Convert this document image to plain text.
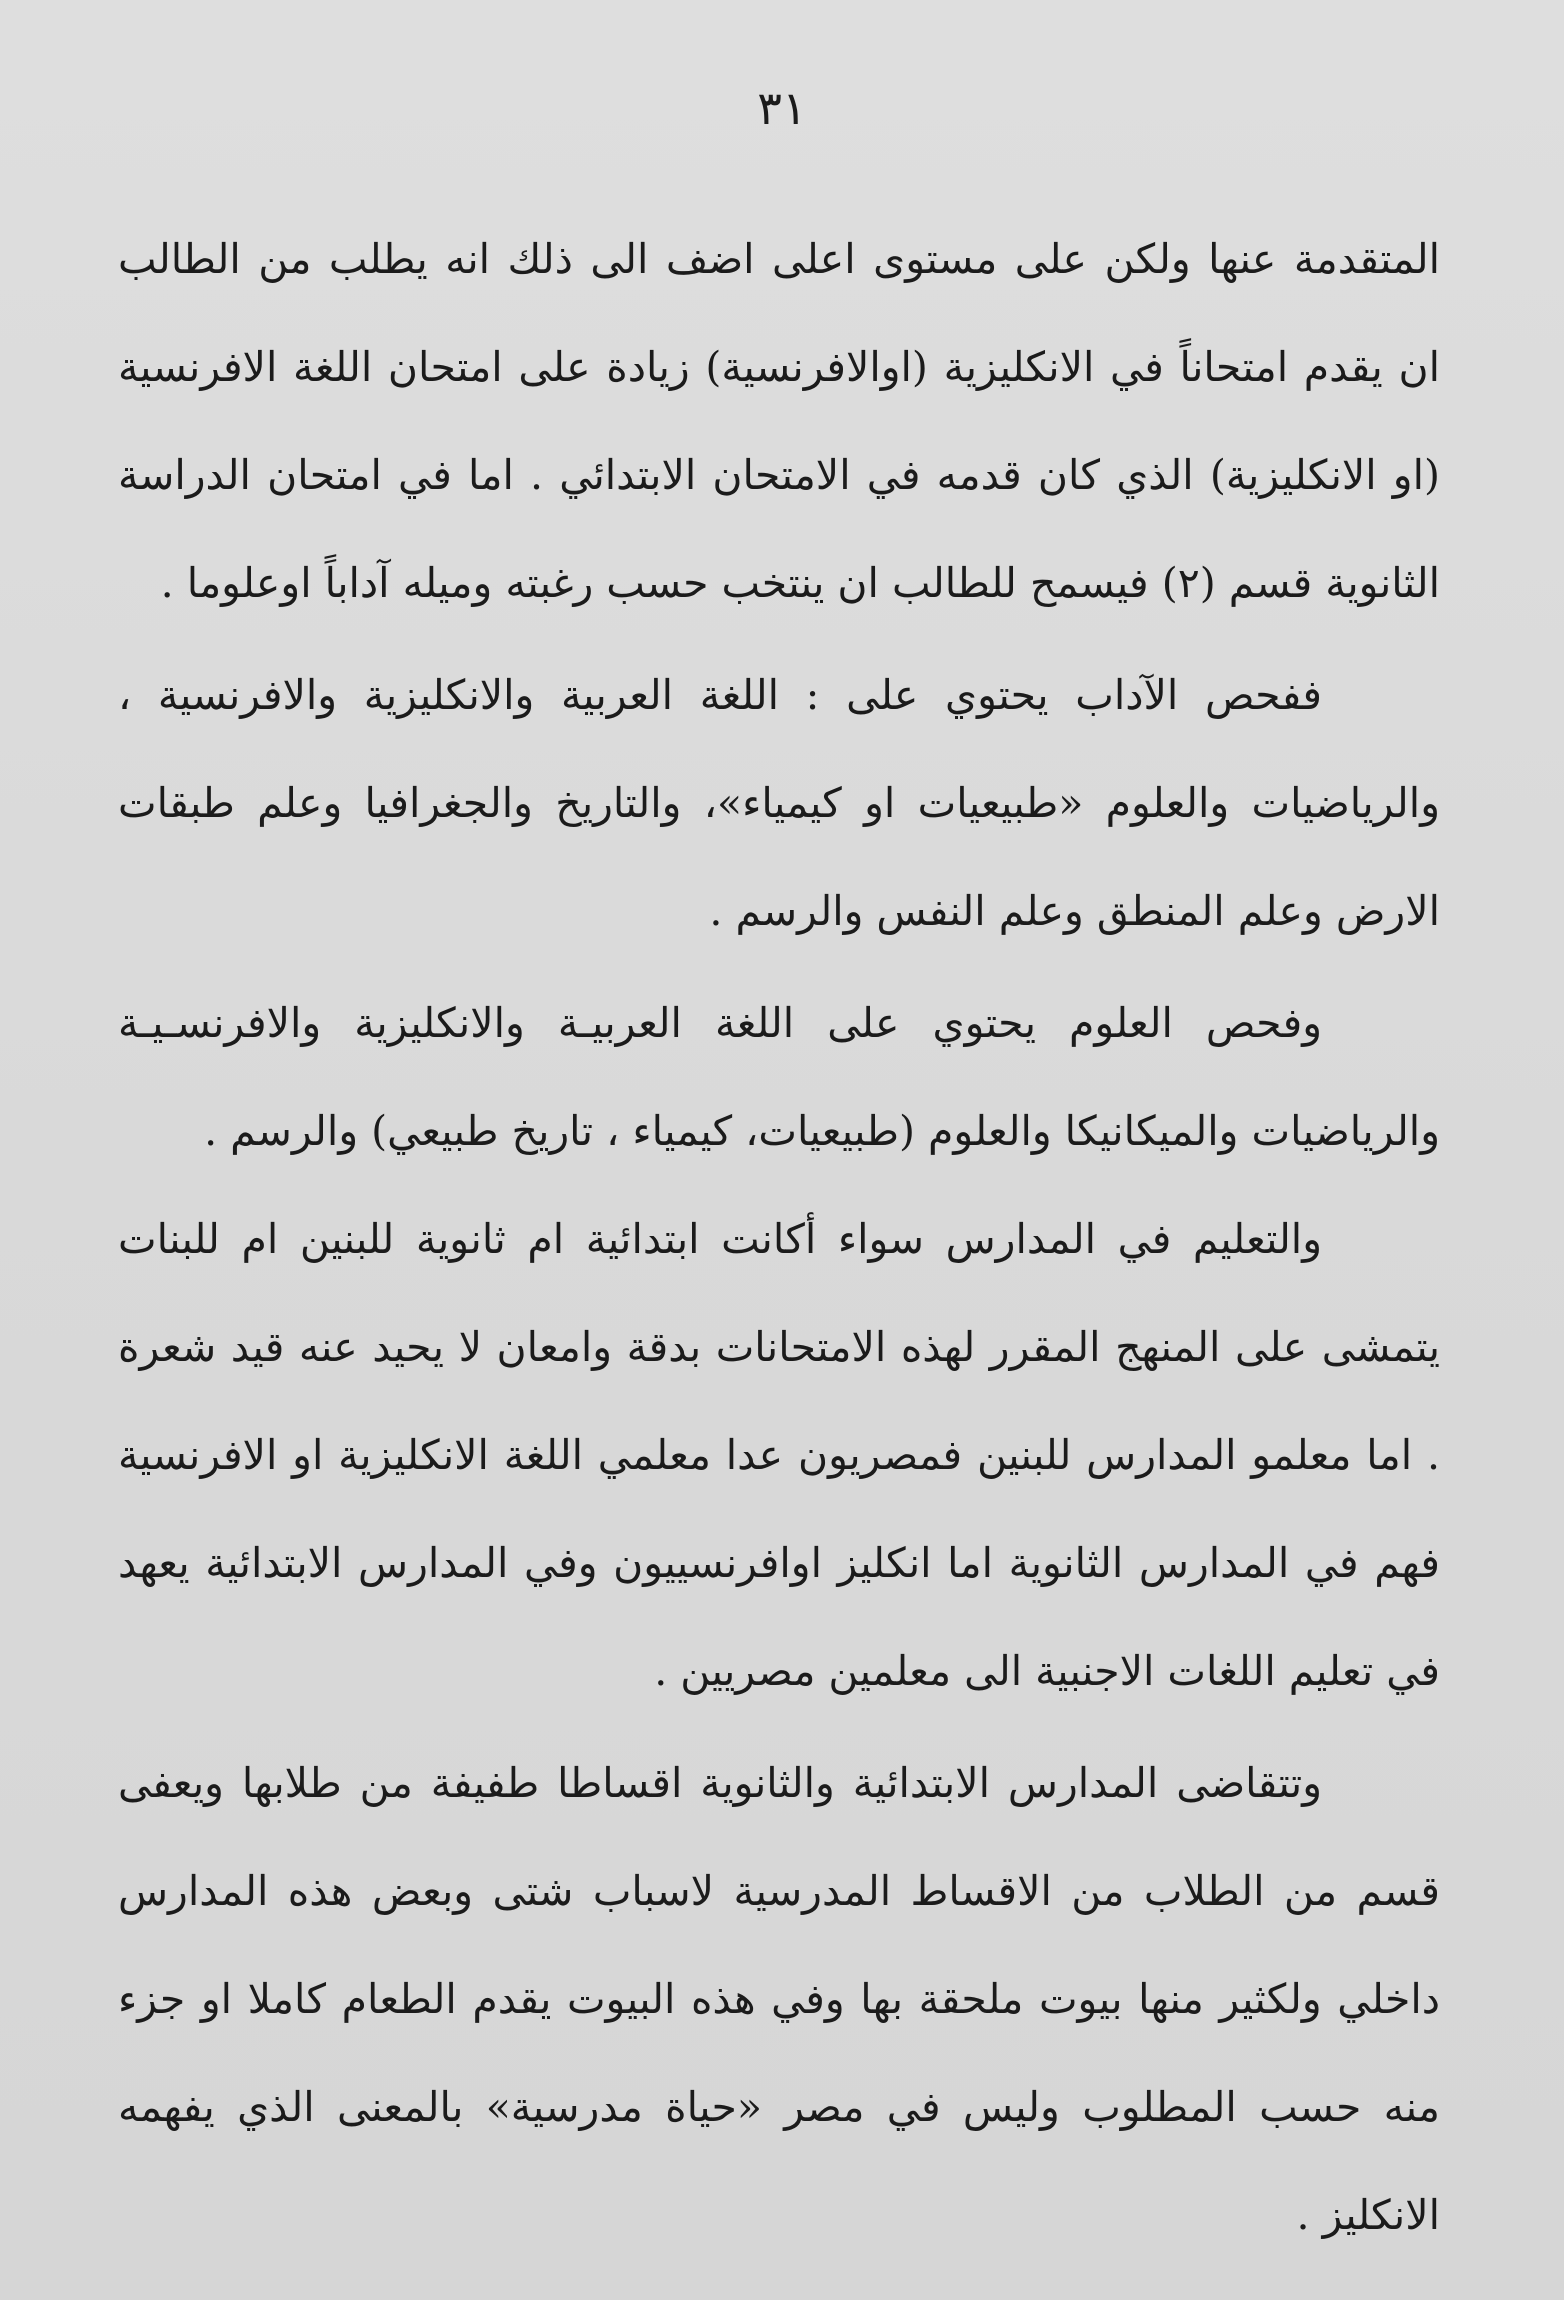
٣١

المتقدمة عنها ولكن على مستوى اعلى اضف الى ذلك انه يطلب من الطالب ان يقدم امتحاناً في الانكليزية (اوالافرنسية) زيادة على امتحان اللغة الافرنسية (او الانكليزية) الذي كان قدمه في الامتحان الابتدائي . اما في امتحان الدراسة الثانوية قسم (٢) فيسمح للطالب ان ينتخب حسب رغبته وميله آداباً اوعلوما .

ففحص الآداب يحتوي على : اللغة العربية والانكليزية والافرنسية ، والرياضيات والعلوم «طبيعيات او كيمياء»، والتاريخ والجغرافيا وعلم طبقات الارض وعلم المنطق وعلم النفس والرسم .

وفحص العلوم يحتوي على اللغة العربيـة والانكليزية والافرنسـيـة والرياضيات والميكانيكا والعلوم (طبيعيات، كيمياء ، تاريخ طبيعي) والرسم .

والتعليم في المدارس سواء أكانت ابتدائية ام ثانوية للبنين ام للبنات يتمشى على المنهج المقرر لهذه الامتحانات بدقة وامعان لا يحيد عنه قيد شعرة . اما معلمو المدارس للبنين فمصريون عدا معلمي اللغة الانكليزية او الافرنسية فهم في المدارس الثانوية اما انكليز اوافرنسييون وفي المدارس الابتدائية يعهد في تعليم اللغات الاجنبية الى معلمين مصريين .

وتتقاضى المدارس الابتدائية والثانوية اقساطا طفيفة من طلابها ويعفى قسم من الطلاب من الاقساط المدرسية لاسباب شتى وبعض هذه المدارس داخلي ولكثير منها بيوت ملحقة بها وفي هذه البيوت يقدم الطعام كاملا او جزء منه حسب المطلوب وليس في مصر «حياة مدرسية» بالمعنى الذي يفهمه الانكليز .
